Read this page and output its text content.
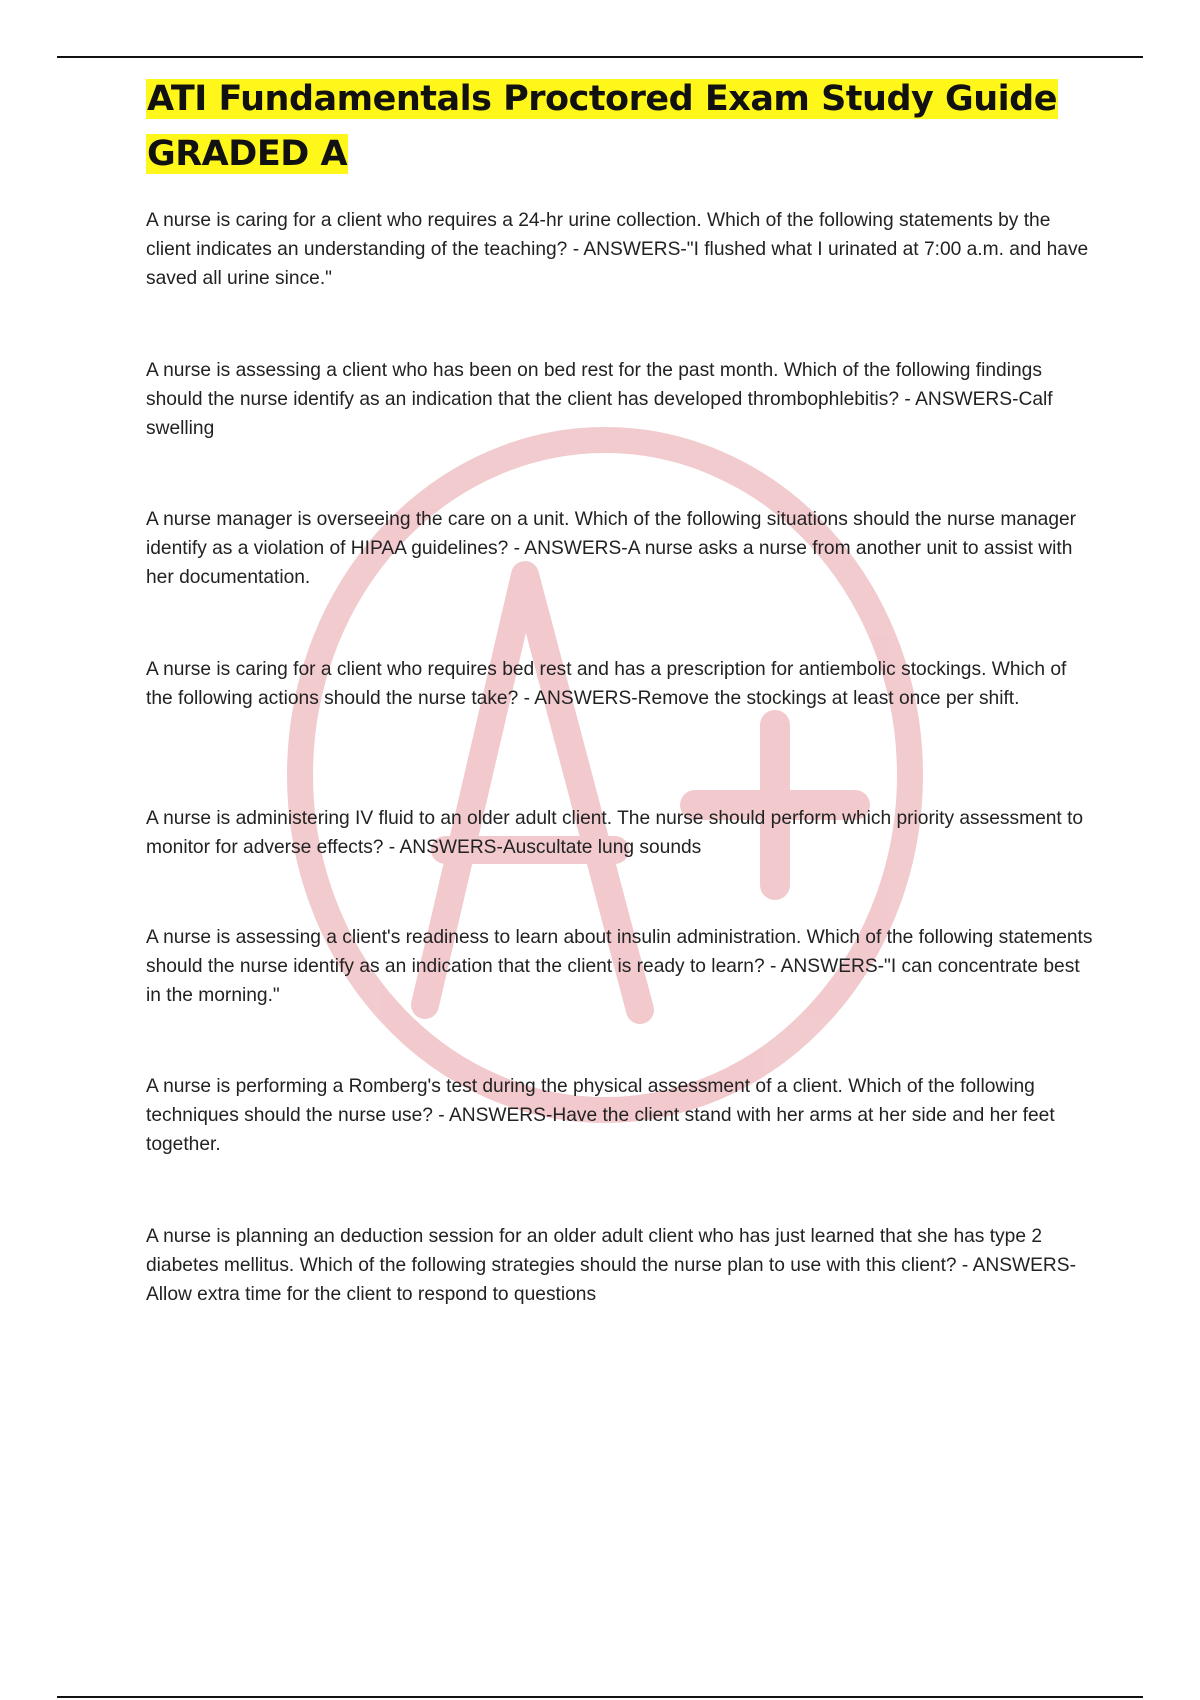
ATI Fundamentals Proctored Exam Study Guide
GRADED A

A nurse is caring for a client who requires a 24-hr urine collection. Which of the following statements by the client indicates an understanding of the teaching? - ANSWERS-"I flushed what I urinated at 7:00 a.m. and have saved all urine since."

A nurse is assessing a client who has been on bed rest for the past month. Which of the following findings should the nurse identify as an indication that the client has developed thrombophlebitis? - ANSWERS-Calf swelling

A nurse manager is overseeing the care on a unit. Which of the following situations should the nurse manager identify as a violation of HIPAA guidelines? - ANSWERS-A nurse asks a nurse from another unit to assist with her documentation.

A nurse is caring for a client who requires bed rest and has a prescription for antiembolic stockings. Which of the following actions should the nurse take? - ANSWERS-Remove the stockings at least once per shift.

A nurse is administering IV fluid to an older adult client. The nurse should perform which priority assessment to monitor for adverse effects? - ANSWERS-Auscultate lung sounds

A nurse is assessing a client's readiness to learn about insulin administration. Which of the following statements should the nurse identify as an indication that the client is ready to learn? - ANSWERS-"I can concentrate best in the morning."

A nurse is performing a Romberg's test during the physical assessment of a client. Which of the following techniques should the nurse use? - ANSWERS-Have the client stand with her arms at her side and her feet together.

A nurse is planning an deduction session for an older adult client who has just learned that she has type 2 diabetes mellitus. Which of the following strategies should the nurse plan to use with this client? - ANSWERS-Allow extra time for the client to respond to questions
